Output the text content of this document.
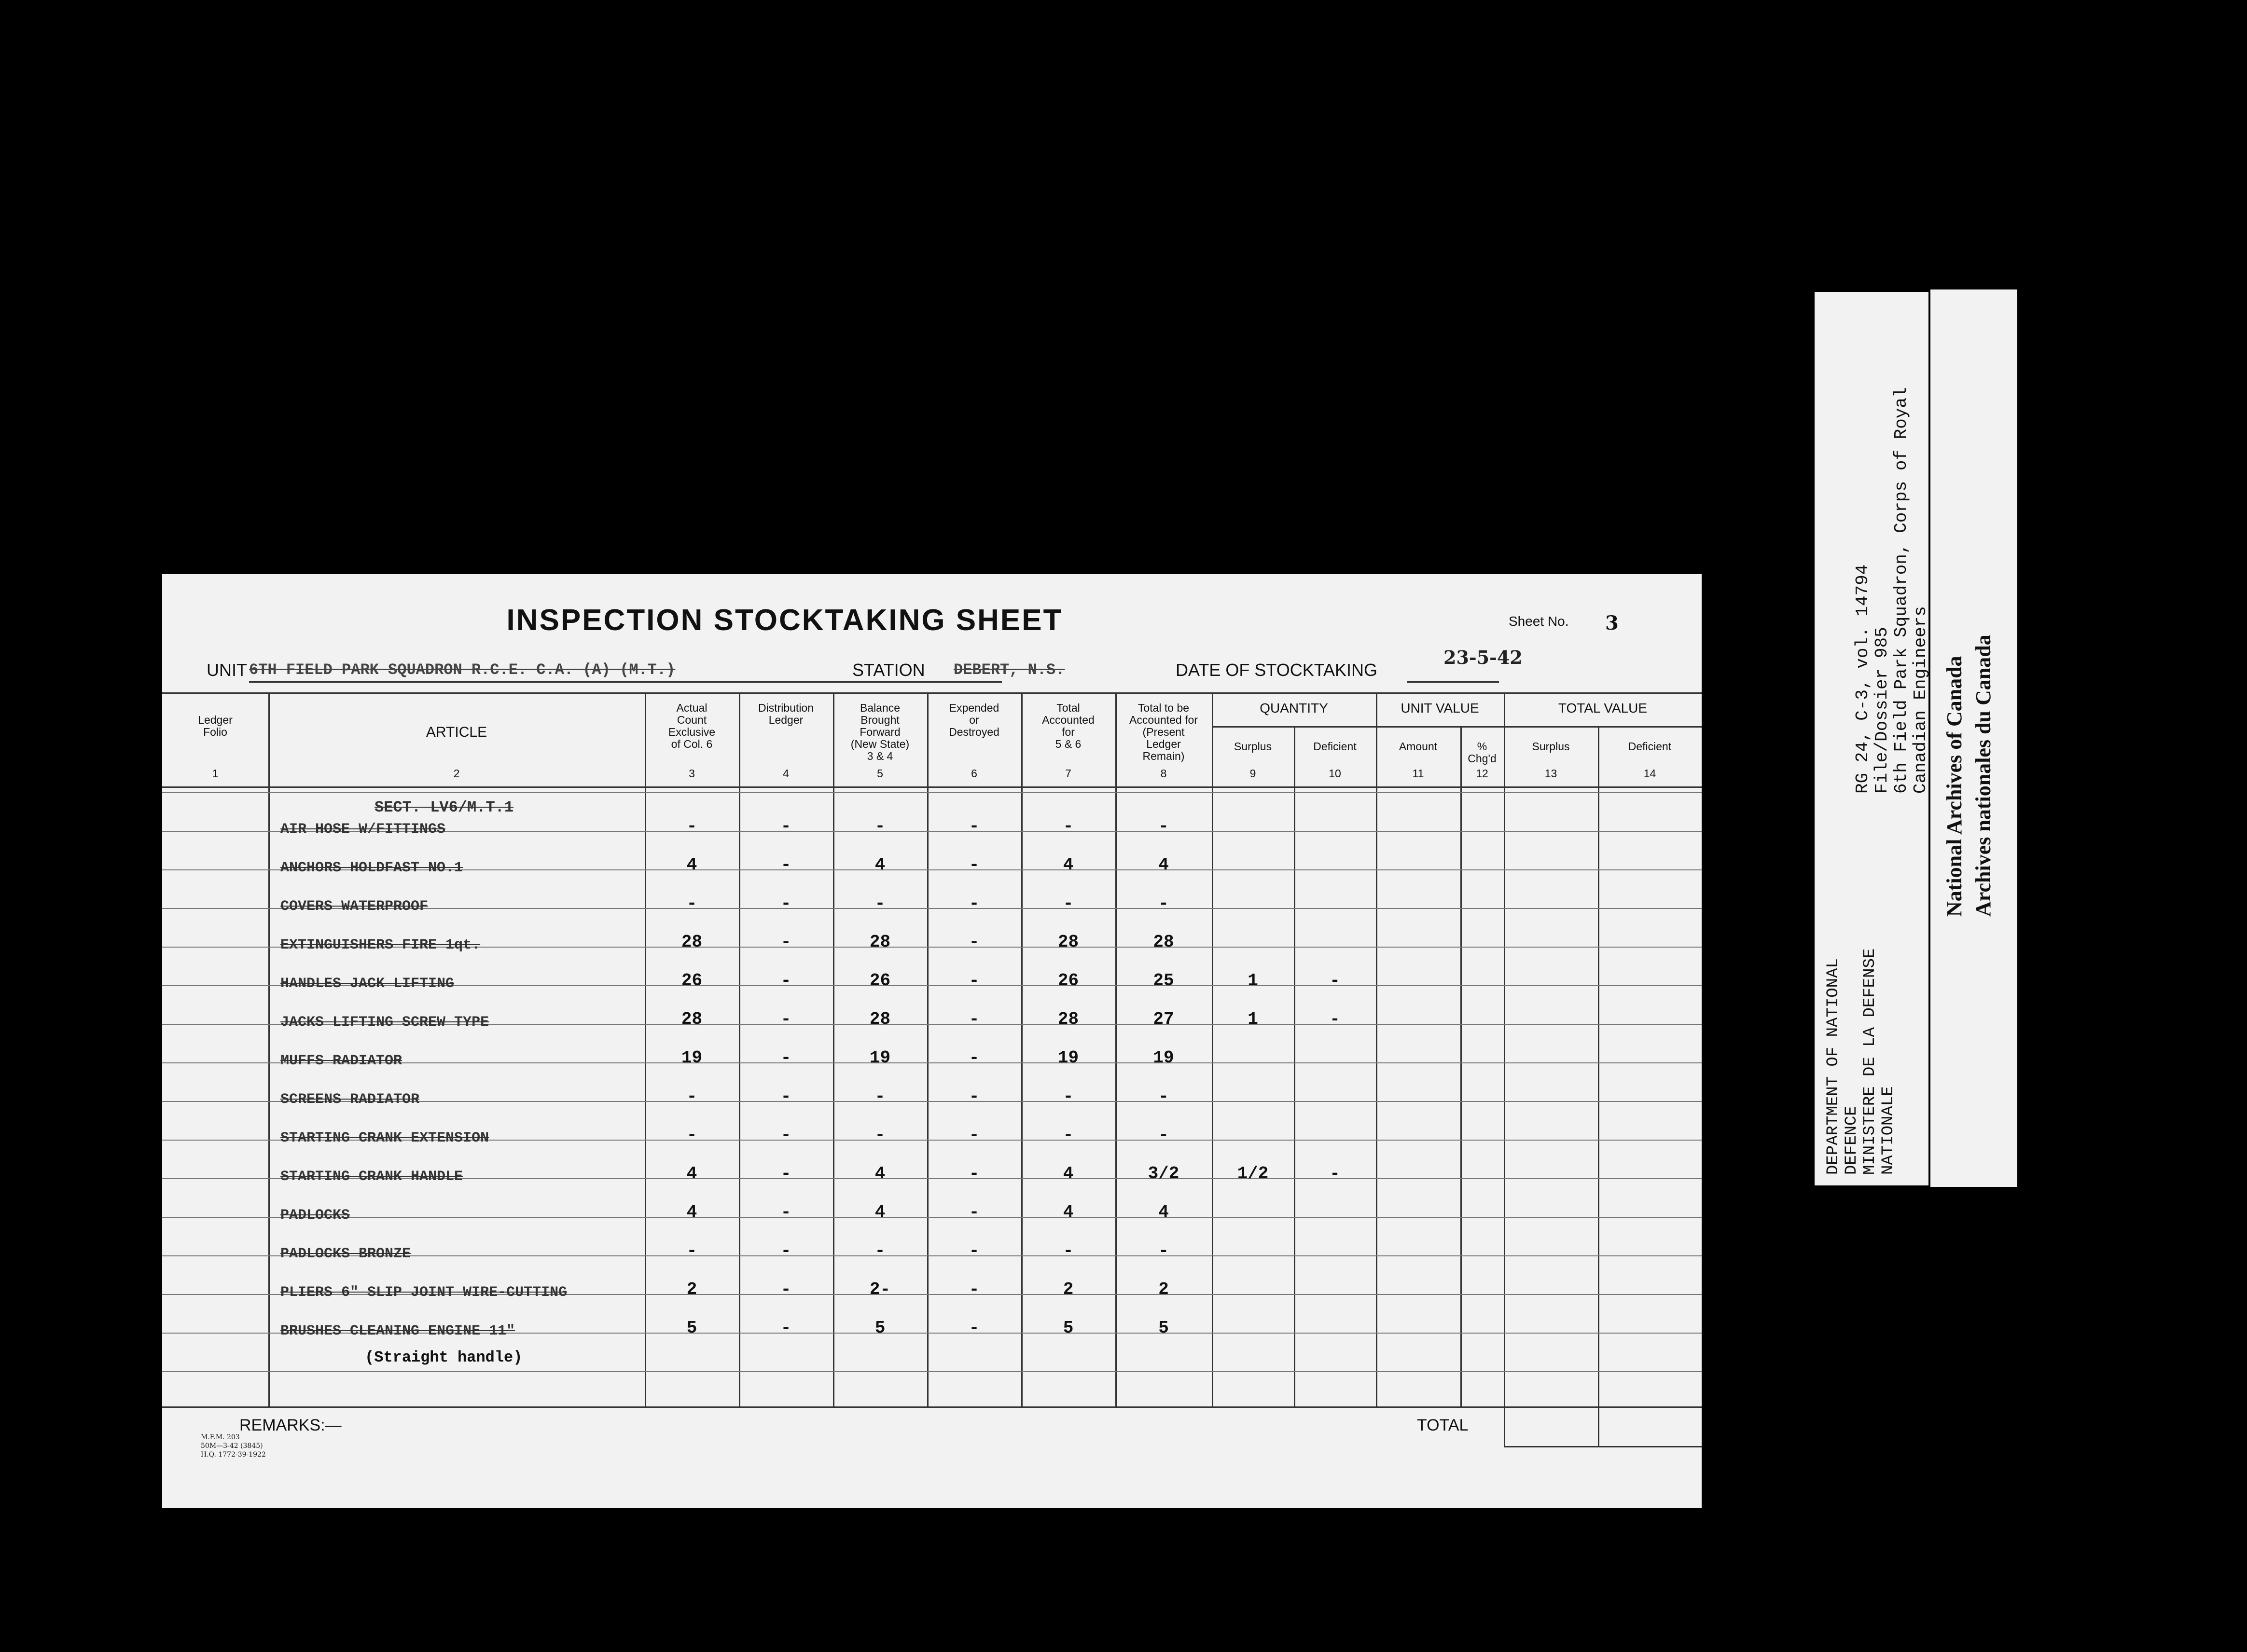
INSPECTION STOCKTAKING SHEET	Sheet No. 3
UNIT 6TH FIELD PARK SQUADRON R.C.E. C.A. (A) (M.T.)	STATION DEBERT, N.S.	DATE OF STOCKTAKING
23-5-42
QUANTITY	UNIT VALUE	TOTAL VALUE
Ledger
Folio
1
ARTICLE
2
Actual
Count
Exclusive
of Col. 6
3
Distribution
Ledger
4
Balance
Brought
Forward
(New State)
3 & 4
5
Expended
or
Destroyed
6
Total
Accounted
for
5 & 6
7
Total to be
Accounted for
(Present
Ledger
Remain)
8
Surplus
9
Deficient
10
Amount
11
%
Chg'd
12
Surplus
13
Deficient
14
SECT. LV6/M.T.1
AIR HOSE W/FITTINGS	-	-	-	-	-	-
ANCHORS HOLDFAST NO.1	4	-	4	-	4	4
COVERS WATERPROOF	-	-	-	-	-	-
EXTINGUISHERS FIRE 1qt.	28	-	28	-	28	28
HANDLES JACK LIFTING	26	-	26	-	26	25	1	-
JACKS LIFTING SCREW TYPE	28	-	28	-	28	27	1	-
MUFFS RADIATOR	19	-	19	-	19	19
SCREENS RADIATOR	-	-	-	-	-	-
STARTING CRANK EXTENSION	-	-	-	-	-	-
STARTING CRANK HANDLE	4	-	4	-	4	3/2	1/2	-
PADLOCKS	4	-	4	-	4	4
PADLOCKS BRONZE	-	-	-	-	-	-
PLIERS 6" SLIP JOINT WIRE-CUTTING	2	-	2-	-	2	2
BRUSHES CLEANING ENGINE 11"	5	-	5	-	5	5
(Straight handle)
REMARKS:—
M.F.M. 203
50M—3-42 (3845)
H.Q. 1772-39-1922
TOTAL
DEPARTMENT OF NATIONAL DEFENCE MINISTERE DE LA DEFENSE NATIONALE
RG 24, C-3, vol. 14794 File/Dossier 985 6th Field Park Squadron, Corps of Royal Canadian Engineers National Archives of Canada Archives nationales du Canada
